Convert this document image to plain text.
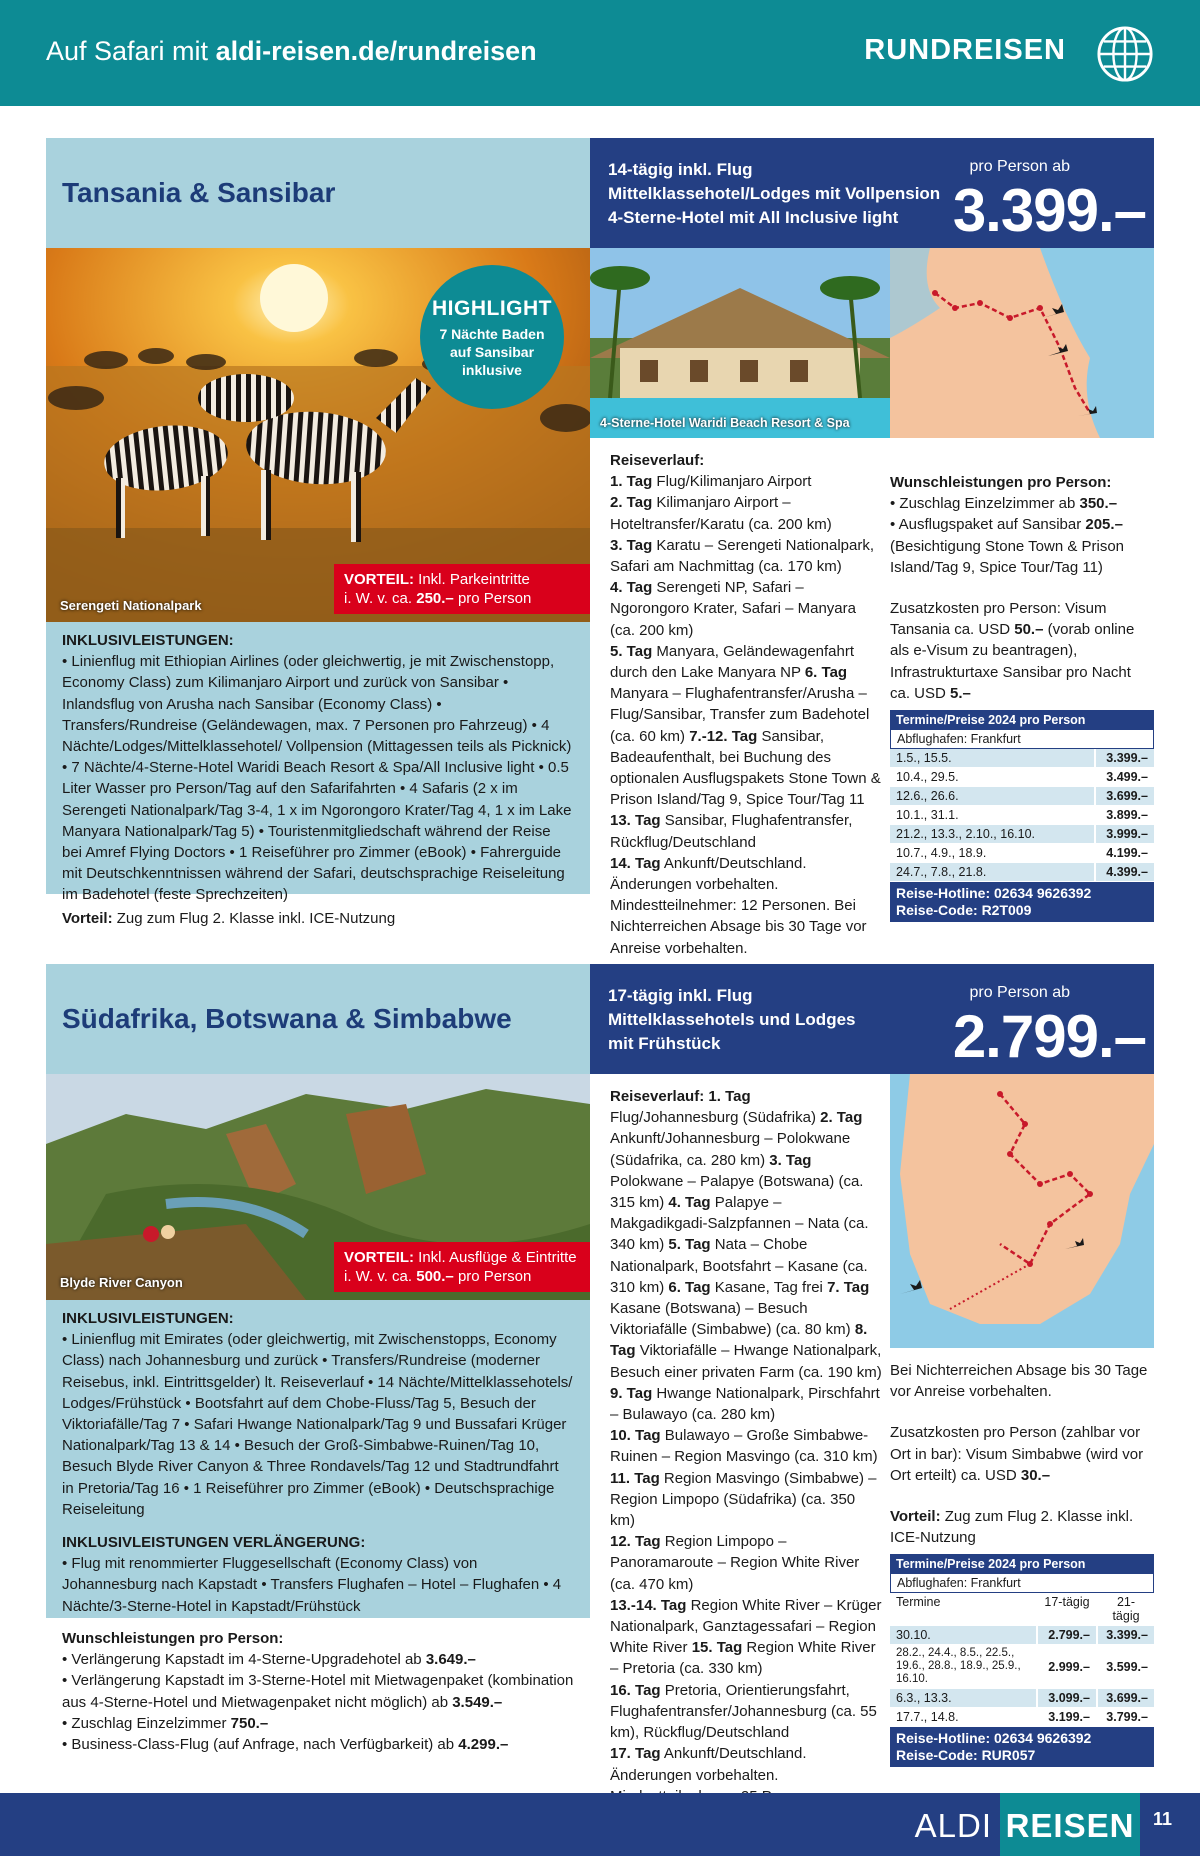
Auf Safari mit aldi-reisen.de/rundreisen	RUNDREISEN
Tansania & Sansibar
14-tägig inkl. Flug
Mittelklassehotel/Lodges mit Vollpension
4-Sterne-Hotel mit All Inclusive light
pro Person ab
3.399.–
Serengeti Nationalpark
HIGHLIGHT
7 Nächte Baden auf Sansibar inklusive
VORTEIL: Inkl. Parkeintritte
i. W. v. ca. 250.– pro Person
4-Sterne-Hotel Waridi Beach Resort & Spa
INKLUSIVLEISTUNGEN:
• Linienflug mit Ethiopian Airlines (oder gleichwertig, je mit Zwischenstopp, Economy Class) zum Kilimanjaro Airport und zurück von Sansibar • Inlandsflug von Arusha nach Sansibar (Economy Class) • Transfers/Rundreise (Geländewagen, max. 7 Personen pro Fahrzeug) • 4 Nächte/Lodges/Mittelklassehotel/ Vollpension (Mittagessen teils als Picknick) • 7 Nächte/4-Sterne-Hotel Waridi Beach Resort & Spa/All Inclusive light • 0.5 Liter Wasser pro Person/Tag auf den Safarifahrten • 4 Safaris (2 x im Serengeti Nationalpark/Tag 3-4, 1 x im Ngorongoro Krater/Tag 4, 1 x im Lake Manyara Nationalpark/Tag 5) • Touristenmitgliedschaft während der Reise bei Amref Flying Doctors • 1 Reiseführer pro Zimmer (eBook) • Fahrerguide mit Deutschkenntnissen während der Safari, deutschsprachige Reiseleitung im Badehotel (feste Sprechzeiten)
Vorteil: Zug zum Flug 2. Klasse inkl. ICE-Nutzung
Reiseverlauf:
1. Tag Flug/Kilimanjaro Airport
2. Tag Kilimanjaro Airport – Hoteltransfer/Karatu (ca. 200 km)
3. Tag Karatu – Serengeti Nationalpark, Safari am Nachmittag (ca. 170 km)
4. Tag Serengeti NP, Safari – Ngorongoro Krater, Safari – Manyara (ca. 200 km)
5. Tag Manyara, Geländewagenfahrt durch den Lake Manyara NP 6. Tag Manyara – Flughafentransfer/Arusha – Flug/Sansibar, Transfer zum Badehotel (ca. 60 km) 7.-12. Tag Sansibar, Badeaufenthalt, bei Buchung des optionalen Ausflugspakets Stone Town & Prison Island/Tag 9, Spice Tour/Tag 11
13. Tag Sansibar, Flughafentransfer, Rückflug/Deutschland
14. Tag Ankunft/Deutschland.
Änderungen vorbehalten. Mindestteilnehmer: 12 Personen. Bei Nichterreichen Absage bis 30 Tage vor Anreise vorbehalten.
Wunschleistungen pro Person:
• Zuschlag Einzelzimmer ab 350.–
• Ausflugspaket auf Sansibar 205.– (Besichtigung Stone Town & Prison Island/Tag 9, Spice Tour/Tag 11)
Zusatzkosten pro Person: Visum Tansania ca. USD 50.– (vorab online als e-Visum zu beantragen), Infrastrukturtaxe Sansibar pro Nacht ca. USD 5.–
Termine/Preise 2024 pro Person
Abflughafen: Frankfurt
1.5., 15.5.	3.399.–
10.4., 29.5.	3.499.–
12.6., 26.6.	3.699.–
10.1., 31.1.	3.899.–
21.2., 13.3., 2.10., 16.10.	3.999.–
10.7., 4.9., 18.9.	4.199.–
24.7., 7.8., 21.8.	4.399.–
Reise-Hotline: 02634 9626392
Reise-Code: R2T009
Südafrika, Botswana & Simbabwe
17-tägig inkl. Flug
Mittelklassehotels und Lodges
mit Frühstück
pro Person ab
2.799.–
Blyde River Canyon
VORTEIL: Inkl. Ausflüge & Eintritte
i. W. v. ca. 500.– pro Person
INKLUSIVLEISTUNGEN:
• Linienflug mit Emirates (oder gleichwertig, mit Zwischenstopps, Economy Class) nach Johannesburg und zurück • Transfers/Rundreise (moderner Reisebus, inkl. Eintrittsgelder) lt. Reiseverlauf • 14 Nächte/Mittelklassehotels/ Lodges/Frühstück • Bootsfahrt auf dem Chobe-Fluss/Tag 5, Besuch der Viktoriafälle/Tag 7 • Safari Hwange Nationalpark/Tag 9 und Bussafari Krüger Nationalpark/Tag 13 & 14 • Besuch der Groß-Simbabwe-Ruinen/Tag 10, Besuch Blyde River Canyon & Three Rondavels/Tag 12 und Stadtrundfahrt in Pretoria/Tag 16 • 1 Reiseführer pro Zimmer (eBook) • Deutschsprachige Reiseleitung
INKLUSIVLEISTUNGEN VERLÄNGERUNG:
• Flug mit renommierter Fluggesellschaft (Economy Class) von Johannesburg nach Kapstadt • Transfers Flughafen – Hotel – Flughafen • 4 Nächte/3-Sterne-Hotel in Kapstadt/Frühstück
Wunschleistungen pro Person:
• Verlängerung Kapstadt im 4-Sterne-Upgradehotel ab 3.649.–
• Verlängerung Kapstadt im 3-Sterne-Hotel mit Mietwagenpaket (kombination aus 4-Sterne-Hotel und Mietwagenpaket nicht möglich) ab 3.549.–
• Zuschlag Einzelzimmer 750.–
• Business-Class-Flug (auf Anfrage, nach Verfügbarkeit) ab 4.299.–
Reiseverlauf: 1. Tag Flug/Johannesburg (Südafrika) 2. Tag Ankunft/Johannesburg – Polokwane (Südafrika, ca. 280 km) 3. Tag Polokwane – Palapye (Botswana) (ca. 315 km) 4. Tag Palapye – Makgadikgadi-Salzpfannen – Nata (ca. 340 km) 5. Tag Nata – Chobe Nationalpark, Bootsfahrt – Kasane (ca. 310 km) 6. Tag Kasane, Tag frei 7. Tag Kasane (Botswana) – Besuch Viktoriafälle (Simbabwe) (ca. 80 km) 8. Tag Viktoriafälle – Hwange Nationalpark, Besuch einer privaten Farm (ca. 190 km)
9. Tag Hwange Nationalpark, Pirschfahrt – Bulawayo (ca. 280 km)
10. Tag Bulawayo – Große Simbabwe-Ruinen – Region Masvingo (ca. 310 km)
11. Tag Region Masvingo (Simbabwe) – Region Limpopo (Südafrika) (ca. 350 km)
12. Tag Region Limpopo – Panoramaroute – Region White River (ca. 470 km)
13.-14. Tag Region White River – Krüger Nationalpark, Ganztagessafari – Region White River 15. Tag Region White River – Pretoria (ca. 330 km)
16. Tag Pretoria, Orientierungsfahrt, Flughafentransfer/Johannesburg (ca. 55 km), Rückflug/Deutschland
17. Tag Ankunft/Deutschland.
Änderungen vorbehalten.
Bei Nichterreichen Absage bis 30 Tage vor Anreise vorbehalten.
Zusatzkosten pro Person (zahlbar vor Ort in bar): Visum Simbabwe (wird vor Ort erteilt) ca. USD 30.–
Vorteil: Zug zum Flug 2. Klasse inkl. ICE-Nutzung
Termine/Preise 2024 pro Person
Abflughafen: Frankfurt
Termine	17-tägig	21-tägig
30.10.	2.799.–	3.399.–
28.2., 24.4., 8.5., 22.5., 19.6., 28.8., 18.9., 25.9., 16.10.
2.999.–	3.599.–
6.3., 13.3.	3.099.–	3.699.–
17.7., 14.8.	3.199.–	3.799.–
Reise-Hotline: 02634 9626392
Reise-Code: RUR057
ALDI REISEN	11
